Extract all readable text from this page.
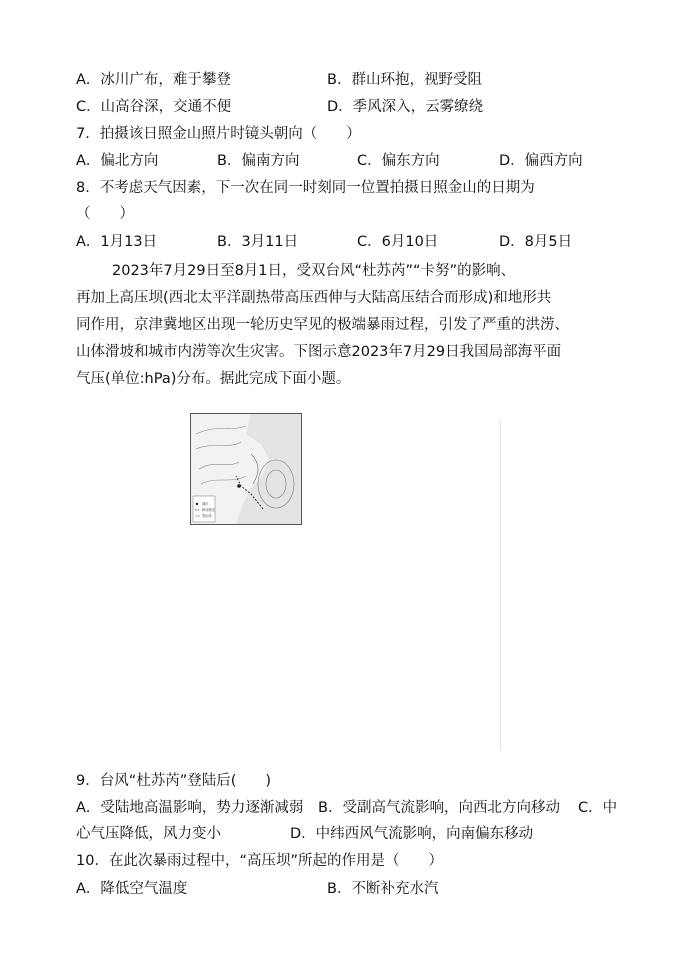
A．冰川广布，难于攀登	B．群山环抱，视野受阻
C．山高谷深，交通不便	D．季风深入，云雾缭绕
7．拍摄该日照金山照片时镜头朝向（　　）
A．偏北方向	B．偏南方向	C．偏东方向	D．偏西方向
8．不考虑天气因素，下一次在同一时刻同一位置拍摄日照金山的日期为
（　　）
A．1月13日	B．3月11日	C．6月10日	D．8月5日
2023年7月29日至8月1日，受双台风“杜苏芮”“卡努”的影响、
再加上高压坝(西北太平洋副热带高压西伸与大陆高压结合而形成)和地形共
同作用，京津冀地区出现一轮历史罕见的极端暴雨过程，引发了严重的洪涝、
山体滑坡和城市内涝等次生灾害。下图示意2023年7月29日我国局部海平面
气压(单位:hPa)分布。据此完成下面小题。
城市
移动路径
等压线
9．台风“杜苏芮”登陆后(　　)
A．受陆地高温影响，势力逐渐减弱 B．受副高气流影响，向西北方向移动 C．中
心气压降低，风力变小	D．中纬西风气流影响，向南偏东移动
10．在此次暴雨过程中，“高压坝”所起的作用是（　　）
A．降低空气温度	B．不断补充水汽
